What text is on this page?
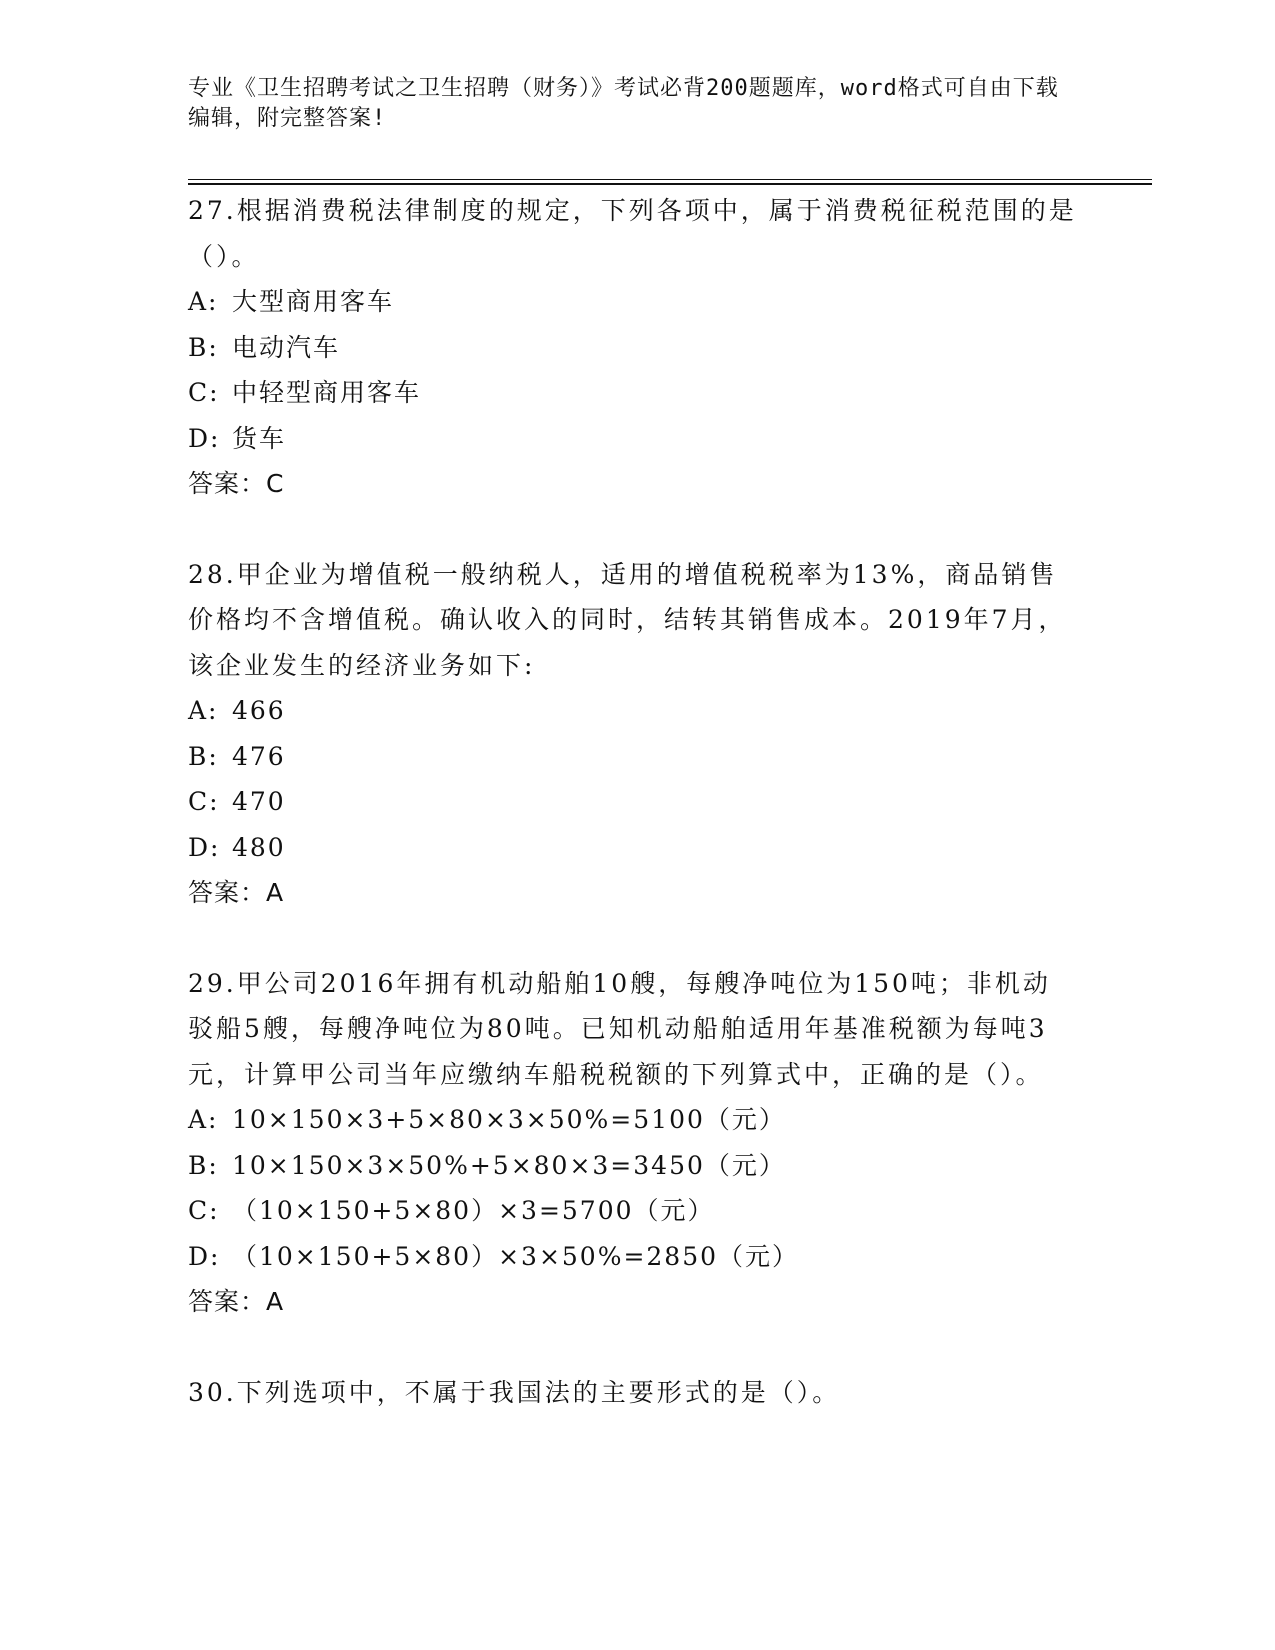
专业《卫生招聘考试之卫生招聘（财务）》考试必背200题题库，word格式可自由下载编辑，附完整答案!

27.根据消费税法律制度的规定，下列各项中，属于消费税征税范围的是（）。

A: 大型商用客车

B: 电动汽车

C: 中轻型商用客车

D: 货车

答案：C

28.甲企业为增值税一般纳税人，适用的增值税税率为13%，商品销售价格均不含增值税。确认收入的同时，结转其销售成本。2019年7月，该企业发生的经济业务如下:

A: 466

B: 476

C: 470

D: 480

答案：A

29.甲公司2016年拥有机动船舶10艘，每艘净吨位为150吨；非机动驳船5艘，每艘净吨位为80吨。已知机动船舶适用年基准税额为每吨3元，计算甲公司当年应缴纳车船税税额的下列算式中，正确的是（）。

A: 10×150×3+5×80×3×50%=5100（元）

B: 10×150×3×50%+5×80×3=3450（元）

C: （10×150+5×80）×3=5700（元）

D: （10×150+5×80）×3×50%=2850（元）

答案：A

30.下列选项中，不属于我国法的主要形式的是（）。
